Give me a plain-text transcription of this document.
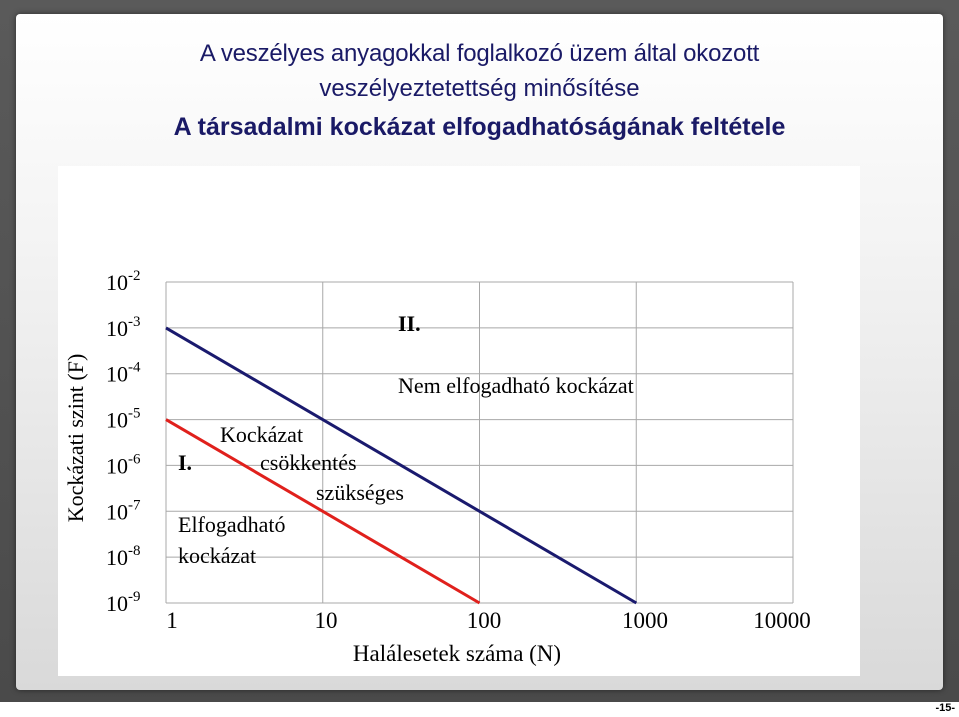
A veszélyes anyagokkal foglalkozó üzem által okozott
veszélyeztetettség minősítése
A társadalmi kockázat elfogadhatóságának feltétele
$10^{-2}$
$10^{-3}$
$10^{-4}$
$10^{-5}$
$10^{-6}$
$10^{-7}$
$10^{-8}$
$10^{-9}$
1	10	100	1000	10000
Kockázati szint (F)
Halálesetek száma (N)
II.
Nem elfogadható kockázat
Kockázat
I.	csökkentés
szükséges
Elfogadható
kockázat
-15-
